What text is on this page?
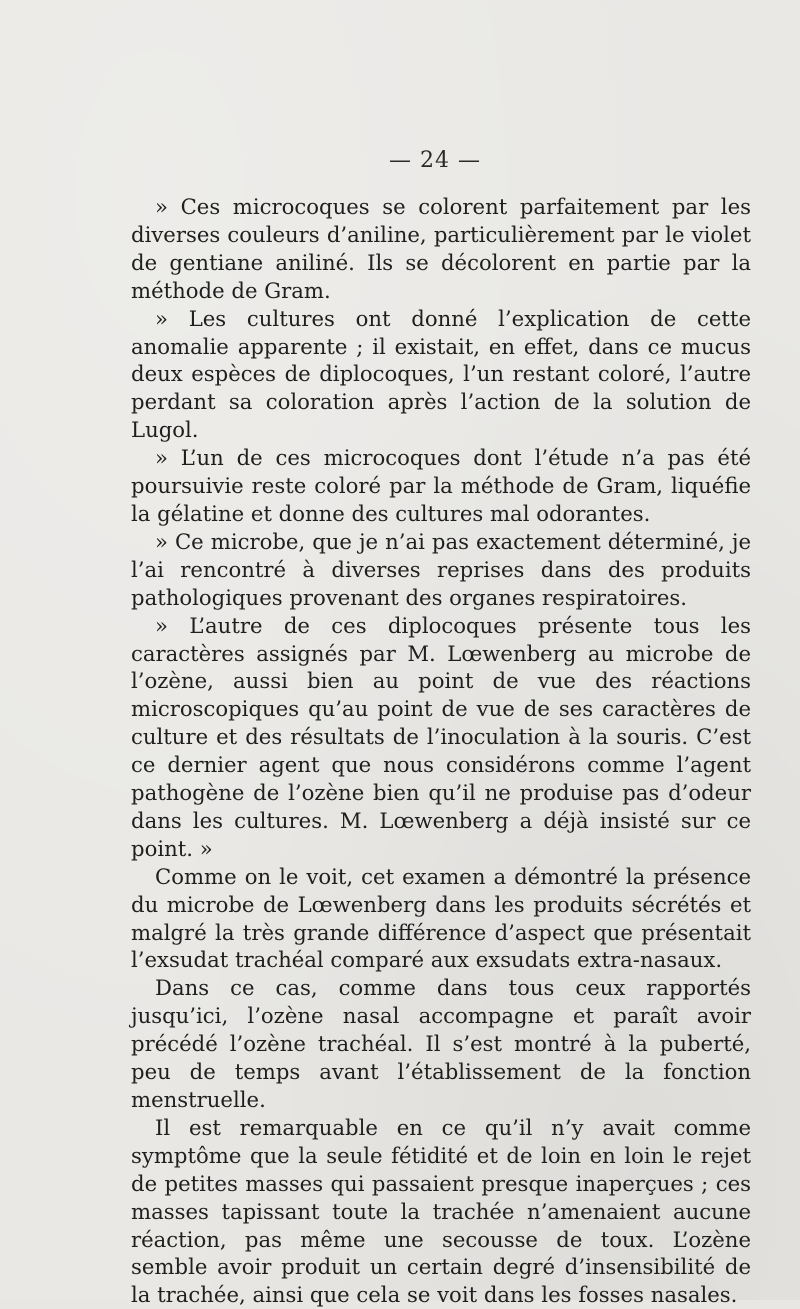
— 24 —

» Ces microcoques se colorent parfaitement par les diverses couleurs d’aniline, particulièrement par le violet de gentiane aniliné. Ils se décolorent en partie par la méthode de Gram.

» Les cultures ont donné l’explication de cette anomalie apparente ; il existait, en effet, dans ce mucus deux espèces de diplocoques, l’un restant coloré, l’autre perdant sa coloration après l’action de la solution de Lugol.

» L’un de ces microcoques dont l’étude n’a pas été poursuivie reste coloré par la méthode de Gram, liquéfie la gélatine et donne des cultures mal odorantes.

» Ce microbe, que je n’ai pas exactement déterminé, je l’ai rencontré à diverses reprises dans des produits pathologiques provenant des organes respiratoires.

» L’autre de ces diplocoques présente tous les caractères assignés par M. Lœwenberg au microbe de l’ozène, aussi bien au point de vue des réactions microscopiques qu’au point de vue de ses caractères de culture et des résultats de l’inoculation à la souris. C’est ce dernier agent que nous considérons comme l’agent pathogène de l’ozène bien qu’il ne produise pas d’odeur dans les cultures. M. Lœwenberg a déjà insisté sur ce point. »

Comme on le voit, cet examen a démontré la présence du microbe de Lœwenberg dans les produits sécrétés et malgré la très grande différence d’aspect que présentait l’exsudat trachéal comparé aux exsudats extra-nasaux.

Dans ce cas, comme dans tous ceux rapportés jusqu’ici, l’ozène nasal accompagne et paraît avoir précédé l’ozène trachéal. Il s’est montré à la puberté, peu de temps avant l’établissement de la fonction menstruelle.

Il est remarquable en ce qu’il n’y avait comme symptôme que la seule fétidité et de loin en loin le rejet de petites masses qui passaient presque inaperçues ; ces masses tapissant toute la trachée n’amenaient aucune réaction, pas même une secousse de toux. L’ozène semble avoir produit un certain degré d’insensibilité de la trachée, ainsi que cela se voit dans les fosses nasales.
